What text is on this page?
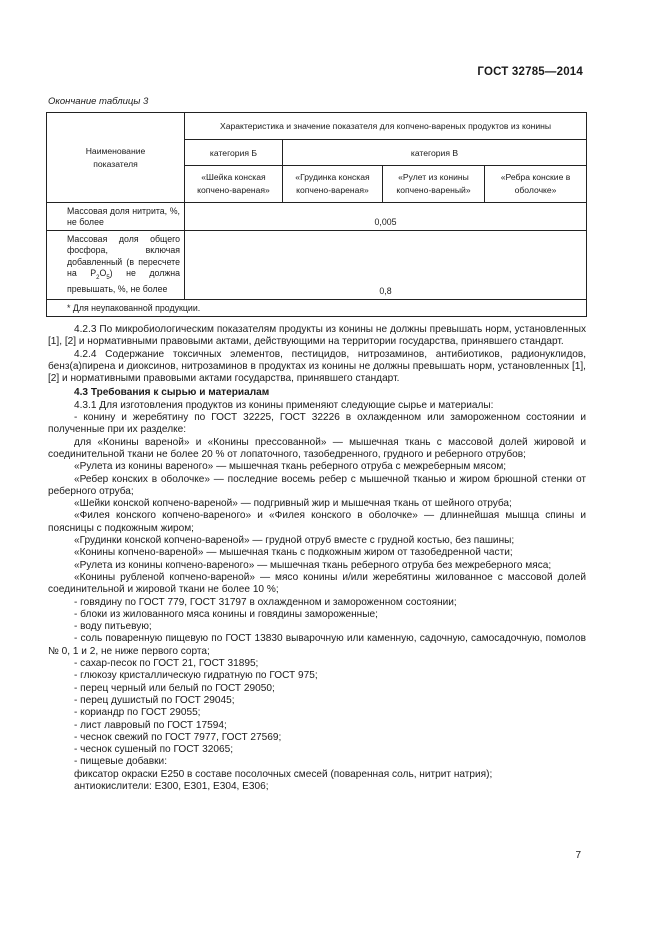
ГОСТ 32785—2014
Окончание таблицы 3
Наименование показателя	Характеристика и значение показателя для копчено-вареных продуктов из конины			
	категория Б	категория В		
	«Шейка конская копчено-вареная»	«Грудинка конская копчено-вареная»	«Рулет из конины копчено-вареный»	«Ребра конские в оболочке»
Массовая доля нитрита, %, не более	0,005			
Массовая доля общего фосфора, включая добавленный (в пересчете на $P_2O_5$) не должна превышать, %, не более	0,8			
* Для неупакованной продукции.				

4.2.3 По микробиологическим показателям продукты из конины не должны превышать норм, установленных [1], [2] и нормативными правовыми актами, действующими на территории государства, принявшего стандарт.

4.2.4 Содержание токсичных элементов, пестицидов, нитрозаминов, антибиотиков, радионуклидов, бенз(а)пирена и диоксинов, нитрозаминов в продуктах из конины не должны превышать норм, установленных [1], [2] и нормативными правовыми актами государства, принявшего стандарт.

4.3 Требования к сырью и материалам

4.3.1 Для изготовления продуктов из конины применяют следующие сырье и материалы:

- конину и жеребятину по ГОСТ 32225, ГОСТ 32226 в охлажденном или замороженном состоянии и полученные при их разделке:

для «Конины вареной» и «Конины прессованной» — мышечная ткань с массовой долей жировой и соединительной ткани не более 20 % от лопаточного, тазобедренного, грудного и реберного отрубов;

«Рулета из конины вареного» — мышечная ткань реберного отруба с межреберным мясом;

«Ребер конских в оболочке» — последние восемь ребер с мышечной тканью и жиром брюшной стенки от реберного отруба;

«Шейки конской копчено-вареной» — подгривный жир и мышечная ткань от шейного отруба;

«Филея конского копчено-вареного» и «Филея конского в оболочке» — длиннейшая мышца спины и поясницы с подкожным жиром;

«Грудинки конской копчено-вареной» — грудной отруб вместе с грудной костью, без пашины;

«Конины копчено-вареной» — мышечная ткань с подкожным жиром от тазобедренной части;

«Рулета из конины копчено-вареного» — мышечная ткань реберного отруба без межреберного мяса;

«Конины рубленой копчено-вареной» — мясо конины и/или жеребятины жилованное с массовой долей соединительной и жировой ткани не более 10 %;

- говядину по ГОСТ 779, ГОСТ 31797 в охлажденном и замороженном состоянии;

- блоки из жилованного мяса конины и говядины замороженные;

- воду питьевую;

- соль поваренную пищевую по ГОСТ 13830 выварочную или каменную, садочную, самосадочную, помолов № 0, 1 и 2, не ниже первого сорта;

- сахар-песок по ГОСТ 21, ГОСТ 31895;

- глюкозу кристаллическую гидратную по ГОСТ 975;

- перец черный или белый по ГОСТ 29050;

- перец душистый по ГОСТ 29045;

- кориандр по ГОСТ 29055;

- лист лавровый по ГОСТ 17594;

- чеснок свежий по ГОСТ 7977, ГОСТ 27569;

- чеснок сушеный по ГОСТ 32065;

- пищевые добавки:

фиксатор окраски Е250 в составе посолочных смесей (поваренная соль, нитрит натрия);

антиокислители: Е300, Е301, Е304, Е306;

7
